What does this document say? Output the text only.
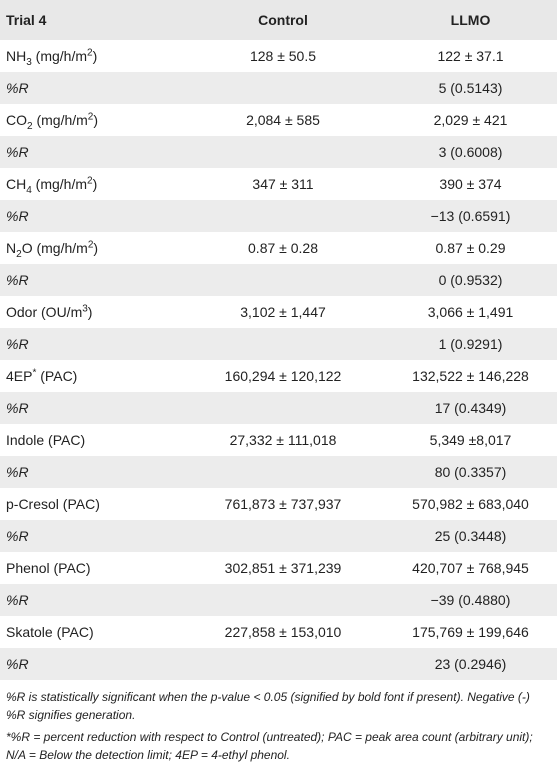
Trial 4	Control	LLMO
$NH_3$ $(mg/h/m^2)$	128 ± 50.5	122 ± 37.1
%R		5 (0.5143)
$CO_2$ $(mg/h/m^2)$	2,084 ± 585	2,029 ± 421
%R		3 (0.6008)
$CH_4$ $(mg/h/m^2)$	347 ± 311	390 ± 374
%R		−13 (0.6591)
$N_2O$ $(mg/h/m^2)$	0.87 ± 0.28	0.87 ± 0.29
%R		0 (0.9532)
Odor $(OU/m^3)$	3,102 ± 1,447	3,066 ± 1,491
%R		1 (0.9291)
4EP* (PAC)	160,294 ± 120,122	132,522 ± 146,228
%R		17 (0.4349)
Indole (PAC)	27,332 ± 111,018	5,349 ±8,017
%R		80 (0.3357)
p-Cresol (PAC)	761,873 ± 737,937	570,982 ± 683,040
%R		25 (0.3448)
Phenol (PAC)	302,851 ± 371,239	420,707 ± 768,945
%R		−39 (0.4880)
Skatole (PAC)	227,858 ± 153,010	175,769 ± 199,646
%R		23 (0.2946)

%R is statistically significant when the p-value < 0.05 (signified by bold font if present). Negative (-) %R signifies generation.

*%R = percent reduction with respect to Control (untreated); PAC = peak area count (arbitrary unit); N/A = Below the detection limit; 4EP = 4-ethyl phenol.
